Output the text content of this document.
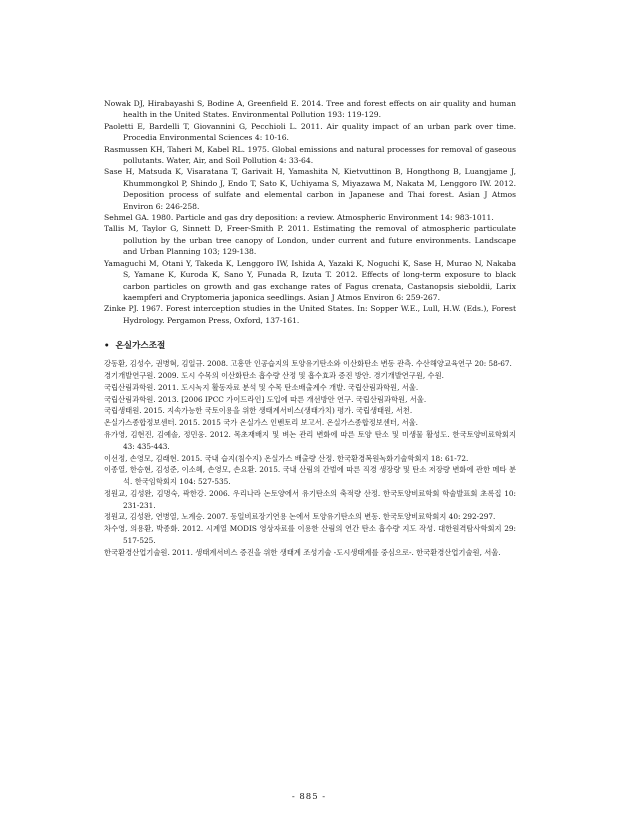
Nowak DJ, Hirabayashi S, Bodine A, Greenfield E. 2014. Tree and forest effects on air quality and human health in the United States. Environmental Pollution 193: 119-129.

Paoletti E, Bardelli T, Giovannini G, Pecchioli L. 2011. Air quality impact of an urban park over time. Procedia Environmental Sciences 4: 10-16.

Rasmussen KH, Taheri M, Kabel RL. 1975. Global emissions and natural processes for removal of gaseous pollutants. Water, Air, and Soil Pollution 4: 33-64.

Sase H, Matsuda K, Visaratana T, Garivait H, Yamashita N, Kietvuttinon B, Hongthong B, Luangjame J, Khummongkol P, Shindo J, Endo T, Sato K, Uchiyama S, Miyazawa M, Nakata M, Lenggoro IW. 2012. Deposition process of sulfate and elemental carbon in Japanese and Thai forest. Asian J Atmos Environ 6: 246-258.

Sehmel GA. 1980. Particle and gas dry deposition: a review. Atmospheric Environment 14: 983-1011.

Tallis M, Taylor G, Sinnett D, Freer-Smith P. 2011. Estimating the removal of atmospheric particulate pollution by the urban tree canopy of London, under current and future environments. Landscape and Urban Planning 103; 129-138.

Yamaguchi M, Otani Y, Takeda K, Lenggoro IW, Ishida A, Yazaki K, Noguchi K, Sase H, Murao N, Nakaba S, Yamane K, Kuroda K, Sano Y, Funada R, Izuta T. 2012. Effects of long-term exposure to black carbon particles on growth and gas exchange rates of Fagus crenata, Castanopsis sieboldii, Larix kaempferi and Cryptomeria japonica seedlings. Asian J Atmos Environ 6: 259-267.

Zinke PJ. 1967. Forest interception studies in the United States. In: Sopper W.E., Lull, H.W. (Eds.), Forest Hydrology. Pergamon Press, Oxford, 137-161.

• 온실가스조절

강동환, 김성수, 권병혁, 김일규. 2008. 고흥만 인공습지의 토양유기탄소와 이산화탄소 변동 관측. 수산해양교육연구 20: 58-67.

경기개발연구원. 2009. 도시 수목의 이산화탄소 흡수량 산정 및 흡수효과 증진 방안. 경기개발연구원, 수원.

국립산림과학원. 2011. 도시녹지 활동자료 분석 및 수목 탄소배출계수 개발. 국립산림과학원, 서울.

국립산림과학원. 2013. [2006 IPCC 가이드라인] 도입에 따른 개선방안 연구. 국립산림과학원, 서울.

국립생태원. 2015. 지속가능한 국토이용을 위한 생태계서비스(생태가치) 평가. 국립생태원, 서천.

온실가스종합정보센터. 2015. 2015 국가 온실가스 인벤토리 보고서. 온실가스종합정보센터, 서울.

유가영, 김현진, 김예솔, 정민웅. 2012. 목초재배지 및 벼논 관리 변화에 따른 토양 탄소 및 미생물 활성도. 한국토양비료학회지 43: 435-443.

이선정, 손영모, 김래현. 2015. 국내 습지(침수지) 온실가스 배출량 산정. 한국환경복원녹화기술학회지 18: 61-72.

이종열, 한승현, 김성준, 이소혜, 손영모, 손요환. 2015. 국내 산림의 간벌에 따른 직경 생장량 및 탄소 저장량 변화에 관한 메타 분석. 한국임학회지 104: 527-535.

정원교, 김성완, 김명숙, 곽한강. 2006. 우리나라 논토양에서 유기탄소의 축적량 산정. 한국토양비료학회 학술발표회 초록집 10: 231-231.

정원교, 김성완, 연병열, 노계승. 2007. 동일비료장기연용 논에서 토양유기탄소의 변동. 한국토양비료학회지 40: 292-297.

차수영, 의용환, 박종화. 2012. 시계열 MODIS 영상자료를 이용한 산림의 연간 탄소 흡수량 지도 작성. 대한원격탐사학회지 29: 517-525.

한국환경산업기술원. 2011. 생태계서비스 증진을 위한 생태계 조성기술 -도시생태계를 중심으로-. 한국환경산업기술원, 서울.

- 885 -
